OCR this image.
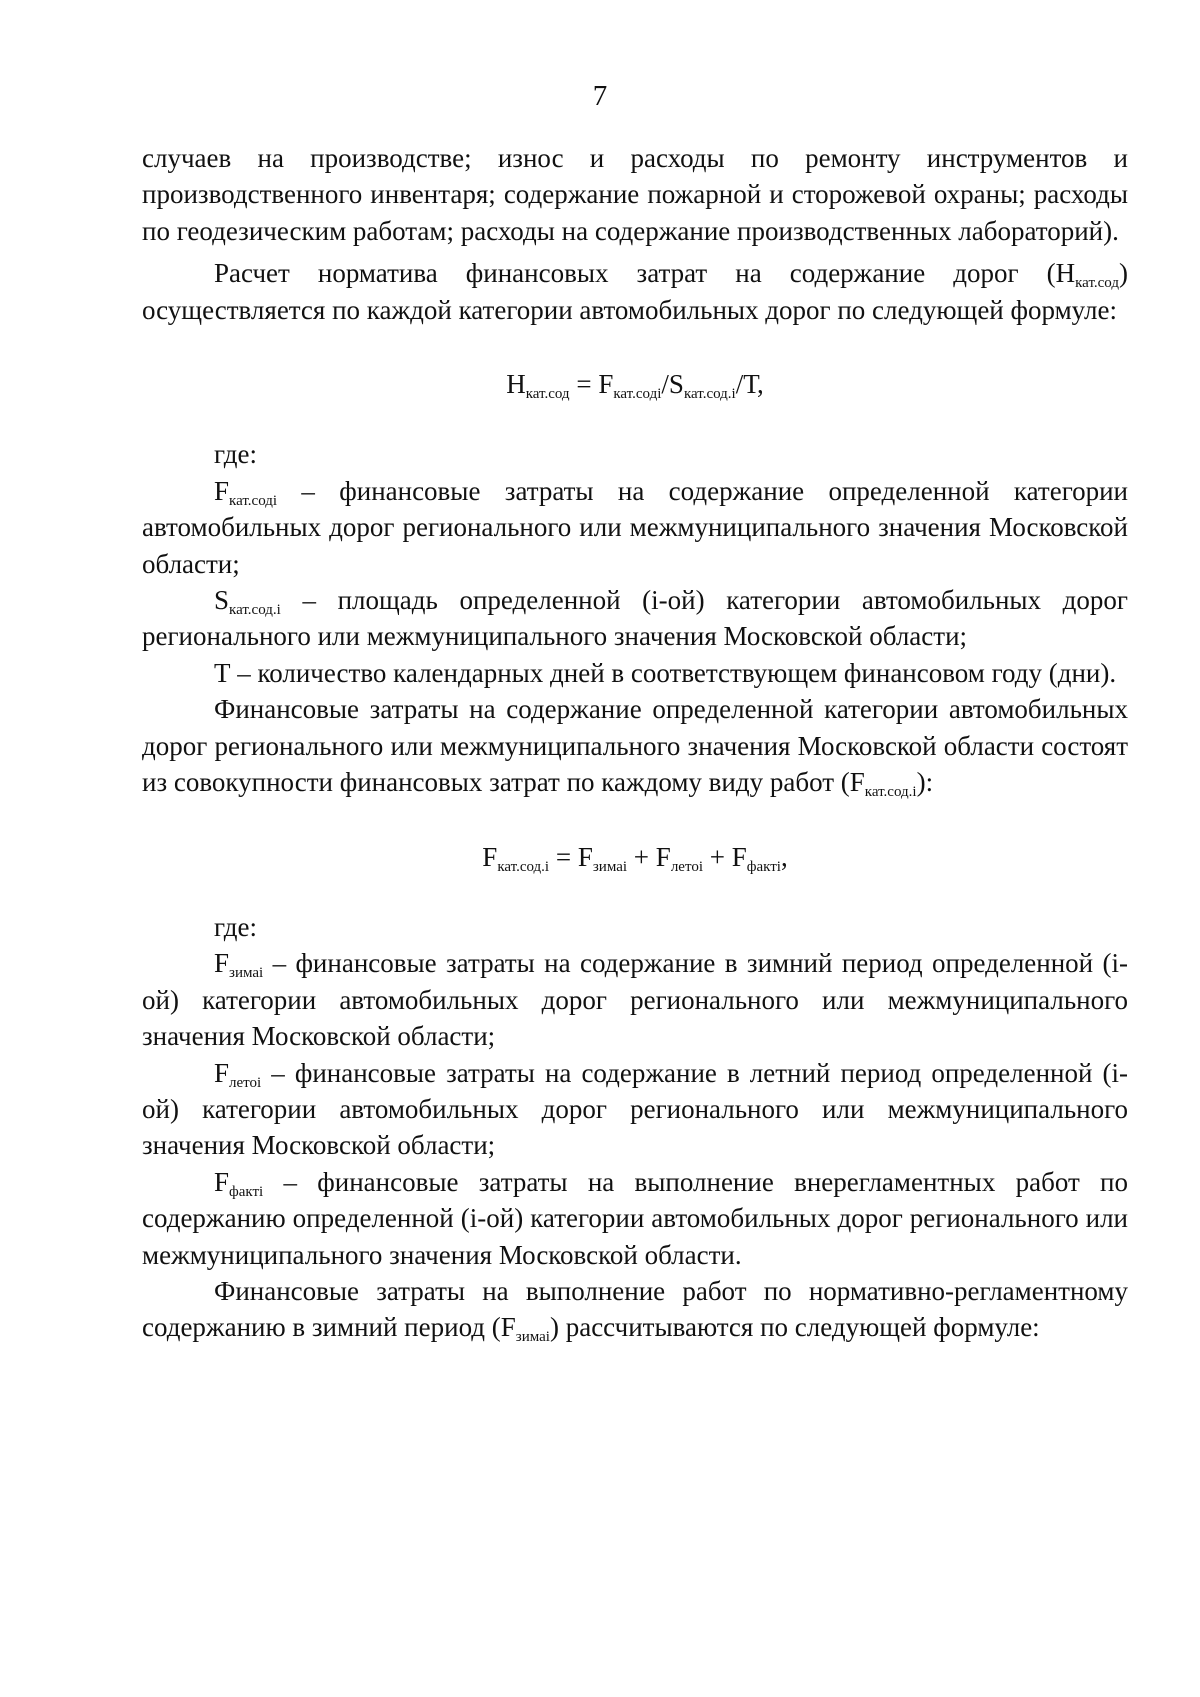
7

случаев на производстве; износ и расходы по ремонту инструментов и производственного инвентаря; содержание пожарной и сторожевой охраны; расходы по геодезическим работам; расходы на содержание производственных лабораторий).

Расчет норматива финансовых затрат на содержание дорог $(Н_{кат.сод})$ осуществляется по каждой категории автомобильных дорог по следующей формуле:

$Н_{кат.сод} = F_{кат.содi}/S_{кат.сод.i}/Т$,

где:

$F_{кат.содi}$ – финансовые затраты на содержание определенной категории автомобильных дорог регионального или межмуниципального значения Московской области;

$S_{кат.сод.i}$ – площадь определенной (i-ой) категории автомобильных дорог регионального или межмуниципального значения Московской области;

Т – количество календарных дней в соответствующем финансовом году (дни).

Финансовые затраты на содержание определенной категории автомобильных дорог регионального или межмуниципального значения Московской области состоят из совокупности финансовых затрат по каждому виду работ $(F_{кат.сод.i})$:

$F_{кат.сод.i} = F_{зимаi} + F_{летоi} + F_{фактi}$,

где:

$F_{зимаi}$ – финансовые затраты на содержание в зимний период определенной (i-ой) категории автомобильных дорог регионального или межмуниципального значения Московской области;

$F_{летоi}$ – финансовые затраты на содержание в летний период определенной (i-ой) категории автомобильных дорог регионального или межмуниципального значения Московской области;

$F_{фактi}$ – финансовые затраты на выполнение внерегламентных работ по содержанию определенной (i-ой) категории автомобильных дорог регионального или межмуниципального значения Московской области.

Финансовые затраты на выполнение работ по нормативно-регламентному содержанию в зимний период $(F_{зимаi})$ рассчитываются по следующей формуле:
